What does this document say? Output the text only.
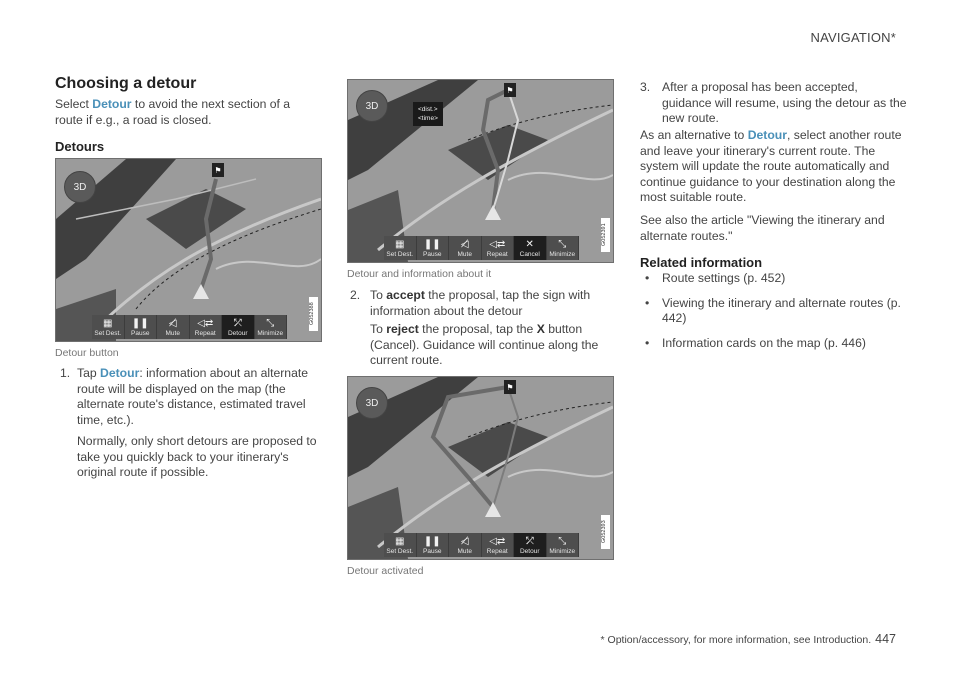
NAVIGATION*
Choosing a detour
Select Detour to avoid the next section of a route if e.g., a road is closed.
Detours
3D
⚑
G052388
▦
Set Dest.
❚❚
Pause
◁̸
Mute
◁⇄
Repeat
⤱
Detour
⤡
Minimize
Detour button
1. Tap Detour: information about an alternate route will be displayed on the map (the alternate route's distance, estimated travel time, etc.).
Normally, only short detours are proposed to take you quickly back to your itinerary's original route if possible.
3D
⚑
<dist.>
<time>
G052391
▦
Set Dest.
❚❚
Pause
◁̸
Mute
◁⇄
Repeat
✕
Cancel
⤡
Minimize
Detour and information about it
2. To accept the proposal, tap the sign with information about the detour
To reject the proposal, tap the X button (Cancel). Guidance will continue along the current route.
3D
⚑
G052393
▦
Set Dest.
❚❚
Pause
◁̸
Mute
◁⇄
Repeat
⤱
Detour
⤡
Minimize
Detour activated
3. After a proposal has been accepted, guidance will resume, using the detour as the new route.
As an alternative to Detour, select another route and leave your itinerary's current route. The system will update the route automatically and continue guidance to your destination along the most suitable route.
See also the article "Viewing the itinerary and alternate routes."
Related information
• Route settings (p. 452)
• Viewing the itinerary and alternate routes (p. 442)
• Information cards on the map (p. 446)
* Option/accessory, for more information, see Introduction. 447
